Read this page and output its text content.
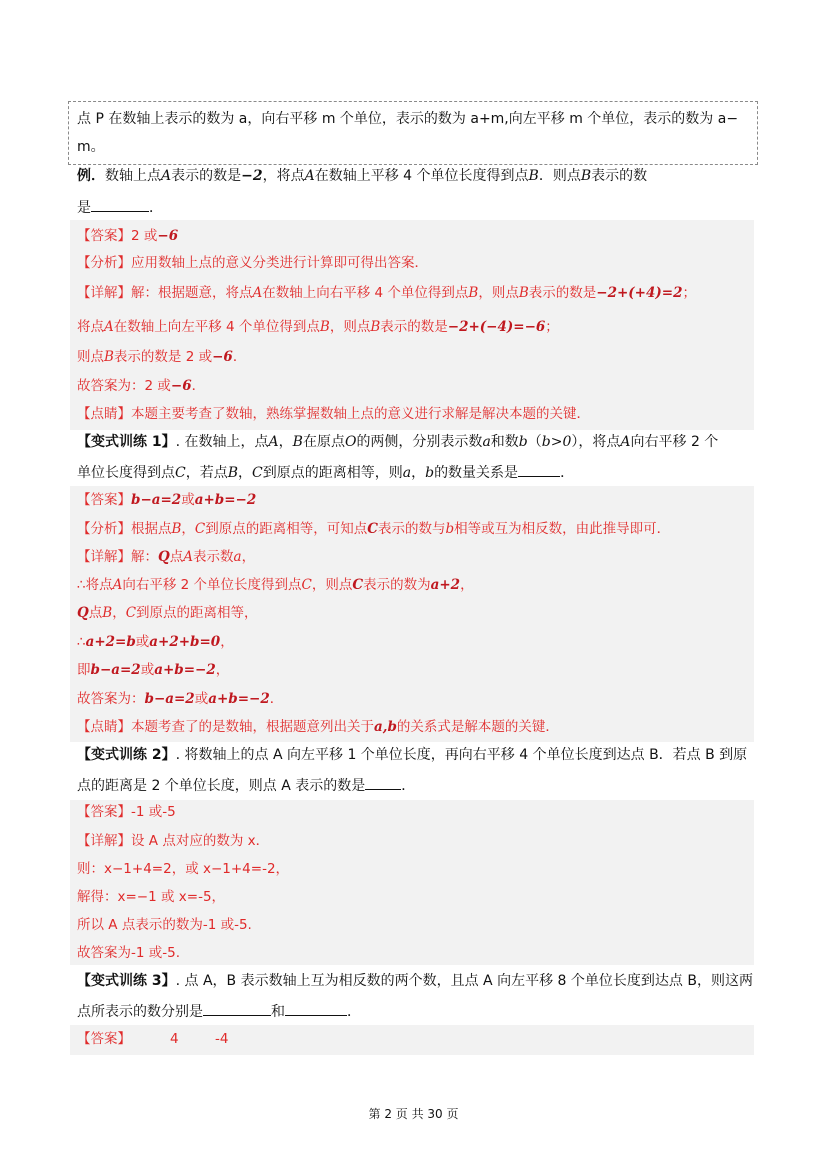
点 P 在数轴上表示的数为 a，向右平移 m 个单位，表示的数为 a+m,向左平移 m 个单位，表示的数为 a−
m。
例．数轴上点A表示的数是−2，将点A在数轴上平移 4 个单位长度得到点B．则点B表示的数
是	．
【答案】2 或−6
【分析】应用数轴上点的意义分类进行计算即可得出答案．
【详解】解：根据题意，将点A在数轴上向右平移 4 个单位得到点B，则点B表示的数是−2+(+4)=2；
将点A在数轴上向左平移 4 个单位得到点B，则点B表示的数是−2+(−4)=−6；
则点B表示的数是 2 或−6．
故答案为：2 或−6．
【点睛】本题主要考查了数轴，熟练掌握数轴上点的意义进行求解是解决本题的关键．
【变式训练 1】. 在数轴上，点A，B在原点O的两侧，分别表示数a和数b（b>0），将点A向右平移 2 个
单位长度得到点C，若点B，C到原点的距离相等，则a，b的数量关系是	．
【答案】b−a=2或a+b=−2
【分析】根据点B，C到原点的距离相等，可知点C表示的数与b相等或互为相反数，由此推导即可．
【详解】解：Q点A表示数a，
∴将点A向右平移 2 个单位长度得到点C，则点C表示的数为a+2，
Q点B，C到原点的距离相等，
∴a+2=b或a+2+b=0，
即b−a=2或a+b=−2，
故答案为：b−a=2或a+b=−2．
【点睛】本题考查了的是数轴，根据题意列出关于a,b的关系式是解本题的关键．
【变式训练 2】. 将数轴上的点 A 向左平移 1 个单位长度，再向右平移 4 个单位长度到达点 B．若点 B 到原
点的距离是 2 个单位长度，则点 A 表示的数是	．
【答案】-1 或-5
【详解】设 A 点对应的数为 x．
则：x−1+4=2，或 x−1+4=-2，
解得：x=−1 或 x=-5，
所以 A 点表示的数为-1 或-5.
故答案为-1 或-5.
【变式训练 3】. 点 A，B 表示数轴上互为相反数的两个数，且点 A 向左平移 8 个单位长度到达点 B，则这两
点所表示的数分别是	和	．
【答案】	4	-4
第 2 页 共 30 页
